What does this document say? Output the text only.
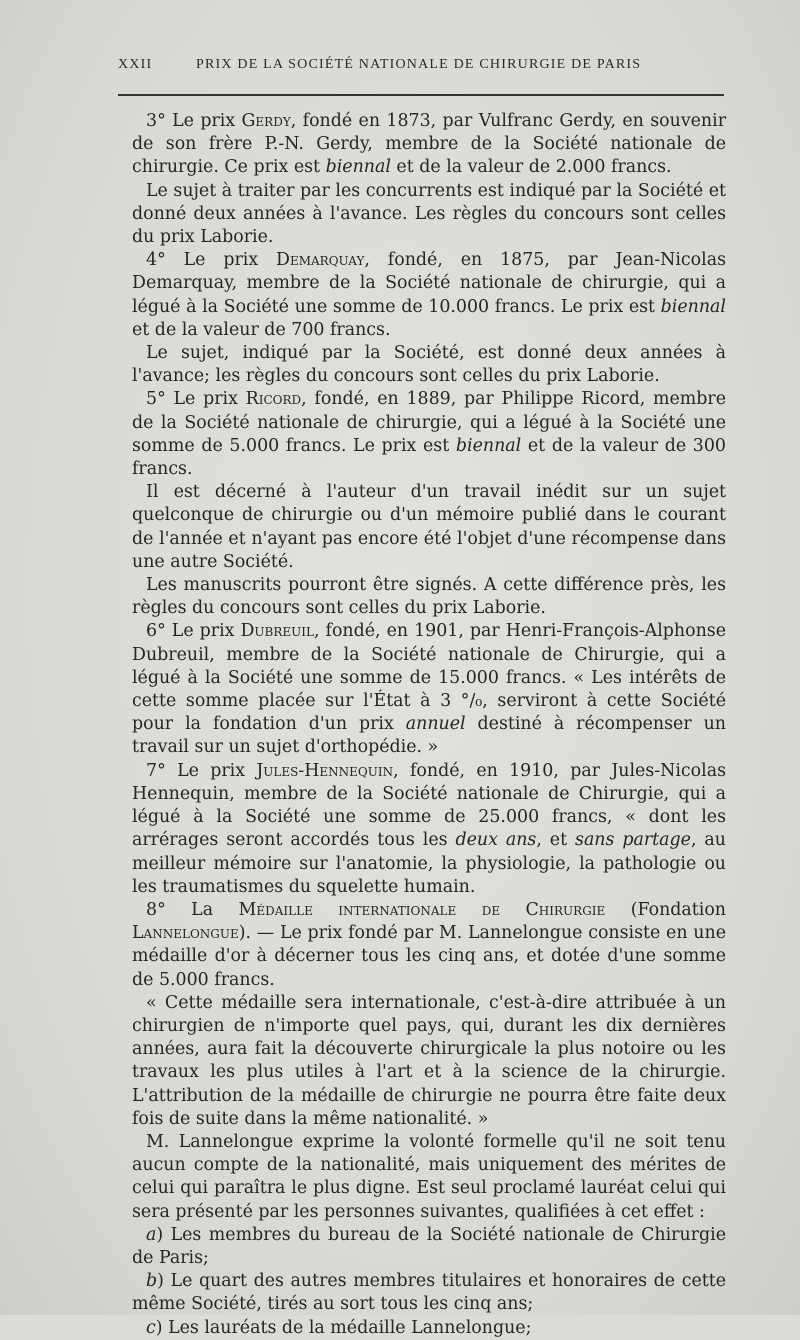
XXII	PRIX DE LA SOCIÉTÉ NATIONALE DE CHIRURGIE DE PARIS

3° Le prix Gerdy, fondé en 1873, par Vulfranc Gerdy, en souvenir de son frère P.-N. Gerdy, membre de la Société nationale de chirurgie. Ce prix est biennal et de la valeur de 2.000 francs.

Le sujet à traiter par les concurrents est indiqué par la Société et donné deux années à l'avance. Les règles du concours sont celles du prix Laborie.

4° Le prix Demarquay, fondé, en 1875, par Jean-Nicolas Demarquay, membre de la Société nationale de chirurgie, qui a légué à la Société une somme de 10.000 francs. Le prix est biennal et de la valeur de 700 francs.

Le sujet, indiqué par la Société, est donné deux années à l'avance; les règles du concours sont celles du prix Laborie.

5° Le prix Ricord, fondé, en 1889, par Philippe Ricord, membre de la Société nationale de chirurgie, qui a légué à la Société une somme de 5.000 francs. Le prix est biennal et de la valeur de 300 francs.

Il est décerné à l'auteur d'un travail inédit sur un sujet quelconque de chirurgie ou d'un mémoire publié dans le courant de l'année et n'ayant pas encore été l'objet d'une récompense dans une autre Société.

Les manuscrits pourront être signés. A cette différence près, les règles du concours sont celles du prix Laborie.

6° Le prix Dubreuil, fondé, en 1901, par Henri-François-Alphonse Dubreuil, membre de la Société nationale de Chirurgie, qui a légué à la Société une somme de 15.000 francs. « Les intérêts de cette somme placée sur l'État à 3 °/₀, serviront à cette Société pour la fondation d'un prix annuel destiné à récompenser un travail sur un sujet d'orthopédie. »

7° Le prix Jules-Hennequin, fondé, en 1910, par Jules-Nicolas Hennequin, membre de la Société nationale de Chirurgie, qui a légué à la Société une somme de 25.000 francs, « dont les arrérages seront accordés tous les deux ans, et sans partage, au meilleur mémoire sur l'anatomie, la physiologie, la pathologie ou les traumatismes du squelette humain.

8° La Médaille internationale de Chirurgie (Fondation Lannelongue). — Le prix fondé par M. Lannelongue consiste en une médaille d'or à décerner tous les cinq ans, et dotée d'une somme de 5.000 francs.

« Cette médaille sera internationale, c'est-à-dire attribuée à un chirurgien de n'importe quel pays, qui, durant les dix dernières années, aura fait la découverte chirurgicale la plus notoire ou les travaux les plus utiles à l'art et à la science de la chirurgie. L'attribution de la médaille de chirurgie ne pourra être faite deux fois de suite dans la même nationalité. »

M. Lannelongue exprime la volonté formelle qu'il ne soit tenu aucun compte de la nationalité, mais uniquement des mérites de celui qui paraîtra le plus digne. Est seul proclamé lauréat celui qui sera présenté par les personnes suivantes, qualifiées à cet effet :

a) Les membres du bureau de la Société nationale de Chirurgie de Paris;

b) Le quart des autres membres titulaires et honoraires de cette même Société, tirés au sort tous les cinq ans;

c) Les lauréats de la médaille Lannelongue;
